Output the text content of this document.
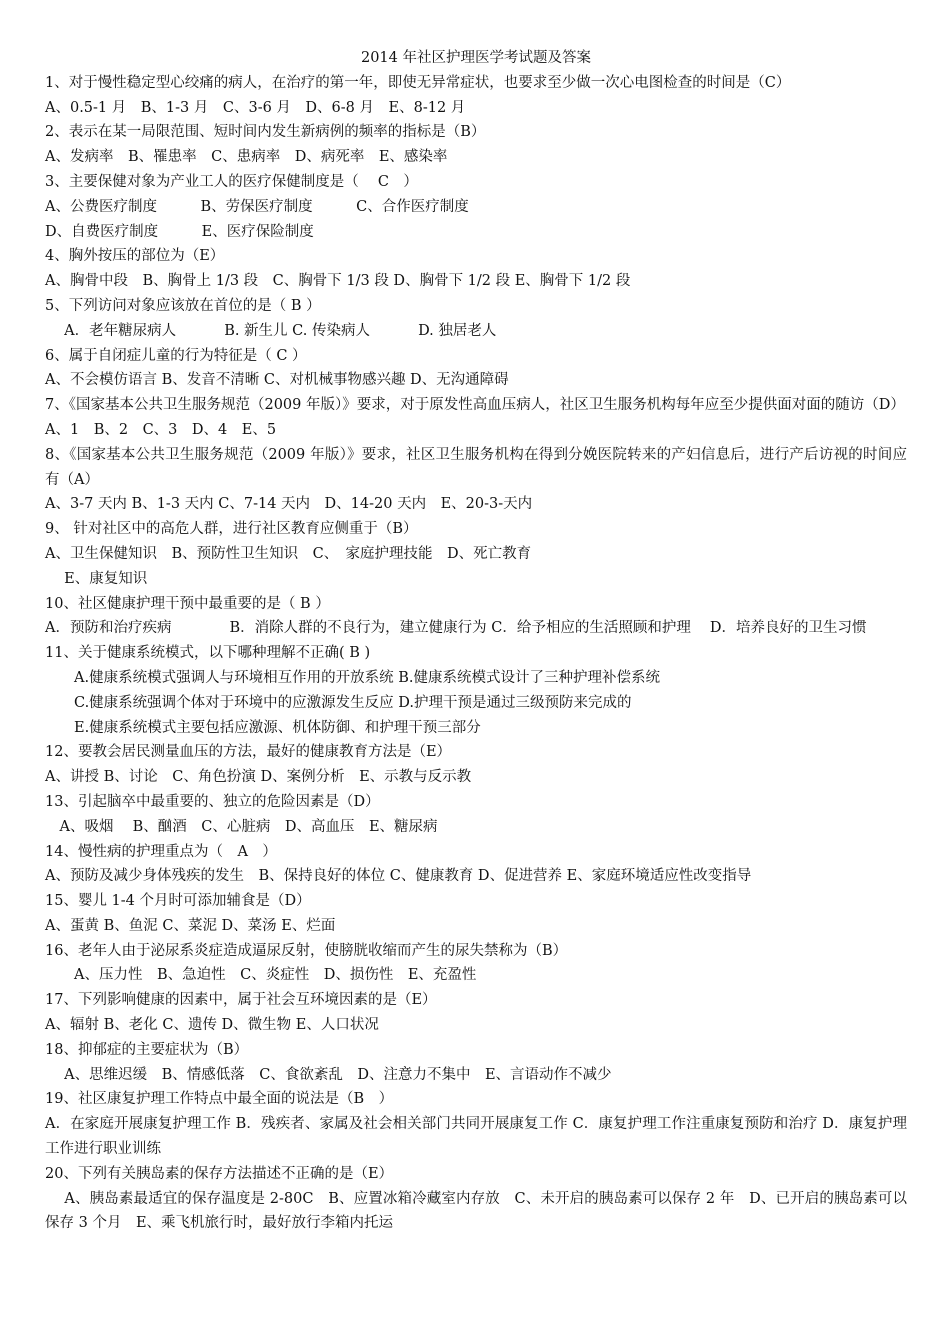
2014 年社区护理医学考试题及答案
1、对于慢性稳定型心绞痛的病人，在治疗的第一年，即使无异常症状，也要求至少做一次心电图检查的时间是（C）
A、0.5-1 月　B、1-3 月　C、3-6 月　D、6-8 月　E、8-12 月
2、表示在某一局限范围、短时间内发生新病例的频率的指标是（B）
A、发病率　B、罹患率　C、患病率　D、病死率　E、感染率
3、主要保健对象为产业工人的医疗保健制度是（　 C　）
A、公费医疗制度　　　B、劳保医疗制度　　　C、合作医疗制度
D、自费医疗制度　　　E、医疗保险制度
4、胸外按压的部位为（E）
A、胸骨中段　B、胸骨上 1/3 段　C、胸骨下 1/3 段 D、胸骨下 1/2 段 E、胸骨下 1/2 段
5、下列访问对象应该放在首位的是（ B ）
　 A．老年糖尿病人　　　 B. 新生儿 C. 传染病人　　　 D. 独居老人
6、属于自闭症儿童的行为特征是（ C ）
A、不会模仿语言 B、发音不清晰 C、对机械事物感兴趣 D、无沟通障碍
7、《国家基本公共卫生服务规范（2009 年版）》要求，对于原发性高血压病人，社区卫生服务机构每年应至少提供面对面的随访（D）
A、1　B、2　C、3　D、4　E、5
8、《国家基本公共卫生服务规范（2009 年版）》要求，社区卫生服务机构在得到分娩医院转来的产妇信息后，进行产后访视的时间应有（A）
A、3-7 天内 B、1-3 天内 C、7-14 天内　D、14-20 天内　E、20-3-天内
9、 针对社区中的高危人群，进行社区教育应侧重于（B）
A、卫生保健知识　B、预防性卫生知识　C、　家庭护理技能　D、死亡教育
　 E、康复知识
10、社区健康护理干预中最重要的是（ B ）
A．预防和治疗疾病　　　　B．消除人群的不良行为，建立健康行为 C．给予相应的生活照顾和护理　 D．培养良好的卫生习惯
11、关于健康系统模式，以下哪种理解不正确( B )
　　A.健康系统模式强调人与环境相互作用的开放系统 B.健康系统模式设计了三种护理补偿系统
　　C.健康系统强调个体对于环境中的应激源发生反应 D.护理干预是通过三级预防来完成的
　　E.健康系统模式主要包括应激源、机体防御、和护理干预三部分
12、要教会居民测量血压的方法，最好的健康教育方法是（E）
A、讲授 B、讨论　C、角色扮演 D、案例分析　E、示教与反示教
13、引起脑卒中最重要的、独立的危险因素是（D）
　A、吸烟　 B、酗酒　C、心脏病　D、高血压　E、糖尿病
14、慢性病的护理重点为（　A　）
A、预防及减少身体残疾的发生　B、保持良好的体位 C、健康教育 D、促进营养 E、家庭环境适应性改变指导
15、婴儿 1-4 个月时可添加辅食是（D）
A、蛋黄 B、鱼泥 C、菜泥 D、菜汤 E、烂面
16、老年人由于泌尿系炎症造成逼尿反射，使膀胱收缩而产生的尿失禁称为（B）
　　A、压力性　B、急迫性　C、炎症性　D、损伤性　E、充盈性
17、下列影响健康的因素中，属于社会互环境因素的是（E）
A、辐射 B、老化 C、遗传 D、微生物 E、人口状况
18、抑郁症的主要症状为（B）
　 A、思维迟缓　B、情感低落　C、食欲紊乱　D、注意力不集中　E、言语动作不减少
19、社区康复护理工作特点中最全面的说法是（B　）
A．在家庭开展康复护理工作 B．残疾者、家属及社会相关部门共同开展康复工作 C．康复护理工作注重康复预防和治疗 D．康复护理工作进行职业训练
20、下列有关胰岛素的保存方法描述不正确的是（E）
　 A、胰岛素最适宜的保存温度是 2-80C　B、应置冰箱冷藏室内存放　C、未开启的胰岛素可以保存 2 年　D、已开启的胰岛素可以保存 3 个月　E、乘飞机旅行时，最好放行李箱内托运
